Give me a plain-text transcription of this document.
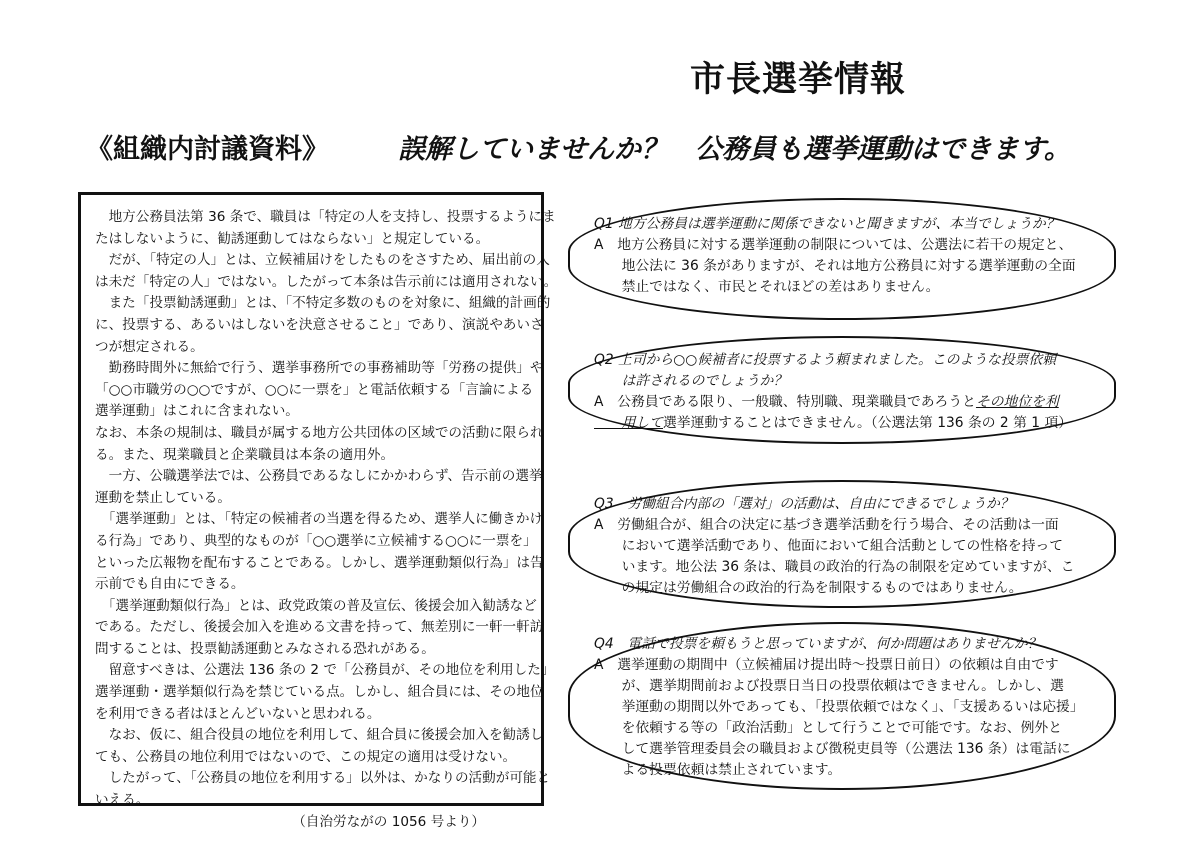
市長選挙情報
《組織内討議資料》	誤解していませんか？　公務員も選挙運動はできます。

　地方公務員法第 36 条で、職員は「特定の人を支持し、投票するようにま

たはしないように、勧誘運動してはならない」と規定している。

　だが、「特定の人」とは、立候補届けをしたものをさすため、届出前の人

は未だ「特定の人」ではない。したがって本条は告示前には適用されない。

　また「投票勧誘運動」とは、「不特定多数のものを対象に、組織的計画的

に、投票する、あるいはしないを決意させること」であり、演説やあいさ

つが想定される。

　勤務時間外に無給で行う、選挙事務所での事務補助等「労務の提供」や

「○○市職労の○○ですが、○○に一票を」と電話依頼する「言論による

選挙運動」はこれに含まれない。

なお、本条の規制は、職員が属する地方公共団体の区域での活動に限られ

る。また、現業職員と企業職員は本条の適用外。

　一方、公職選挙法では、公務員であるなしにかかわらず、告示前の選挙

運動を禁止している。

　「選挙運動」とは、「特定の候補者の当選を得るため、選挙人に働きかけ

る行為」であり、典型的なものが「○○選挙に立候補する○○に一票を」

といった広報物を配布することである。しかし、選挙運動類似行為」は告

示前でも自由にできる。

　「選挙運動類似行為」とは、政党政策の普及宣伝、後援会加入勧誘など

である。ただし、後援会加入を進める文書を持って、無差別に一軒一軒訪

問することは、投票勧誘運動とみなされる恐れがある。

　留意すべきは、公選法 136 条の 2 で「公務員が、その地位を利用した」

選挙運動・選挙類似行為を禁じている点。しかし、組合員には、その地位

を利用できる者はほとんどいないと思われる。

　なお、仮に、組合役員の地位を利用して、組合員に後援会加入を勧誘し

ても、公務員の地位利用ではないので、この規定の適用は受けない。

　したがって、「公務員の地位を利用する」以外は、かなりの活動が可能と

いえる。

（自治労ながの 1056 号より）

Q1 地方公務員は選挙運動に関係できないと聞きますが、本当でしょうか？

A　地方公務員に対する選挙運動の制限については、公選法に若干の規定と、

　　地公法に 36 条がありますが、それは地方公務員に対する選挙運動の全面

　　禁止ではなく、市民とそれほどの差はありません。

Q2 上司から○○候補者に投票するよう頼まれました。このような投票依頼

　　は許されるのでしょうか？

A　公務員である限り、一般職、特別職、現業職員であろうとその地位を利

　　用して選挙運動することはできません。（公選法第 136 条の 2 第 1 項）

Q3　労働組合内部の「選対」の活動は、自由にできるでしょうか？

A　労働組合が、組合の決定に基づき選挙活動を行う場合、その活動は一面

　　において選挙活動であり、他面において組合活動としての性格を持って

　　います。地公法 36 条は、職員の政治的行為の制限を定めていますが、こ

　　の規定は労働組合の政治的行為を制限するものではありません。

Q4　電話で投票を頼もうと思っていますが、何か問題はありませんか？

A　選挙運動の期間中（立候補届け提出時～投票日前日）の依頼は自由です

　　が、選挙期間前および投票日当日の投票依頼はできません。しかし、選

　　挙運動の期間以外であっても、「投票依頼ではなく」、「支援あるいは応援」

　　を依頼する等の「政治活動」として行うことで可能です。なお、例外と

　　して選挙管理委員会の職員および徴税吏員等（公選法 136 条）は電話に

　　よる投票依頼は禁止されています。
